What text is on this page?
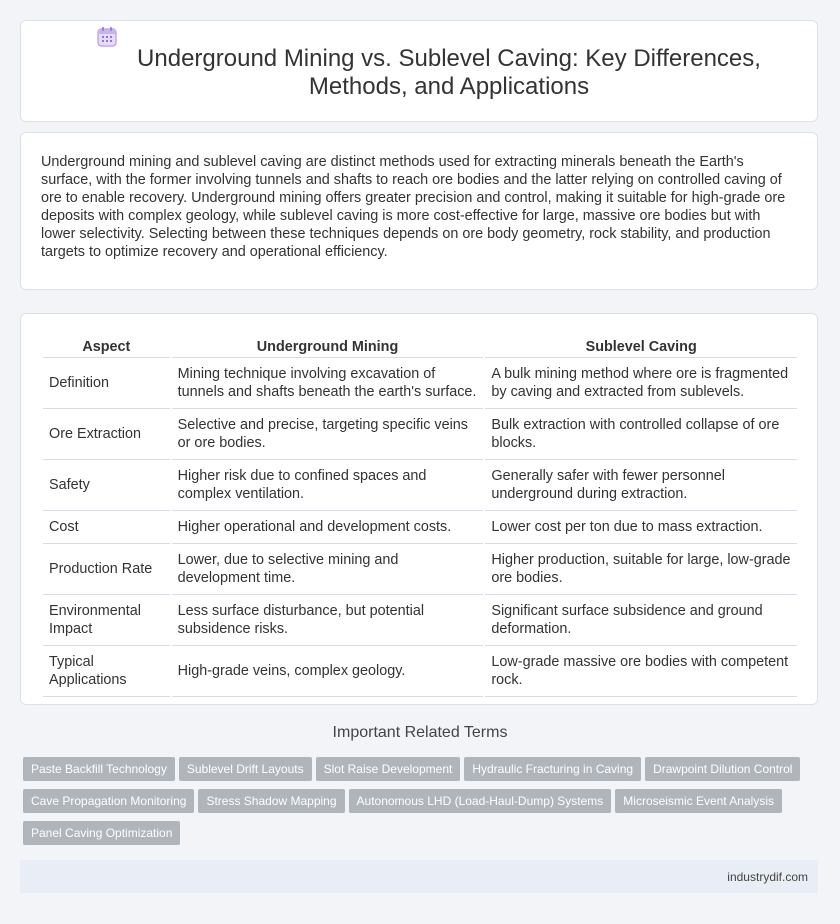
Underground Mining vs. Sublevel Caving: Key Differences, Methods, and Applications

Underground mining and sublevel caving are distinct methods used for extracting minerals beneath the Earth's surface, with the former involving tunnels and shafts to reach ore bodies and the latter relying on controlled caving of ore to enable recovery. Underground mining offers greater precision and control, making it suitable for high-grade ore deposits with complex geology, while sublevel caving is more cost-effective for large, massive ore bodies but with lower selectivity. Selecting between these techniques depends on ore body geometry, rock stability, and production targets to optimize recovery and operational efficiency.

Aspect	Underground Mining	Sublevel Caving
Definition	Mining technique involving excavation of tunnels and shafts beneath the earth's surface.	A bulk mining method where ore is fragmented by caving and extracted from sublevels.
Ore Extraction	Selective and precise, targeting specific veins or ore bodies.	Bulk extraction with controlled collapse of ore blocks.
Safety	Higher risk due to confined spaces and complex ventilation.	Generally safer with fewer personnel underground during extraction.
Cost	Higher operational and development costs.	Lower cost per ton due to mass extraction.
Production Rate	Lower, due to selective mining and development time.	Higher production, suitable for large, low-grade ore bodies.
Environmental Impact	Less surface disturbance, but potential subsidence risks.	Significant surface subsidence and ground deformation.
Typical Applications	High-grade veins, complex geology.	Low-grade massive ore bodies with competent rock.
Important Related Terms
Paste Backfill Technology Sublevel Drift Layouts Slot Raise Development Hydraulic Fracturing in Caving Drawpoint Dilution ControlCave Propagation Monitoring Stress Shadow Mapping Autonomous LHD (Load-Haul-Dump) Systems Microseismic Event AnalysisPanel Caving Optimization
industrydif.com
